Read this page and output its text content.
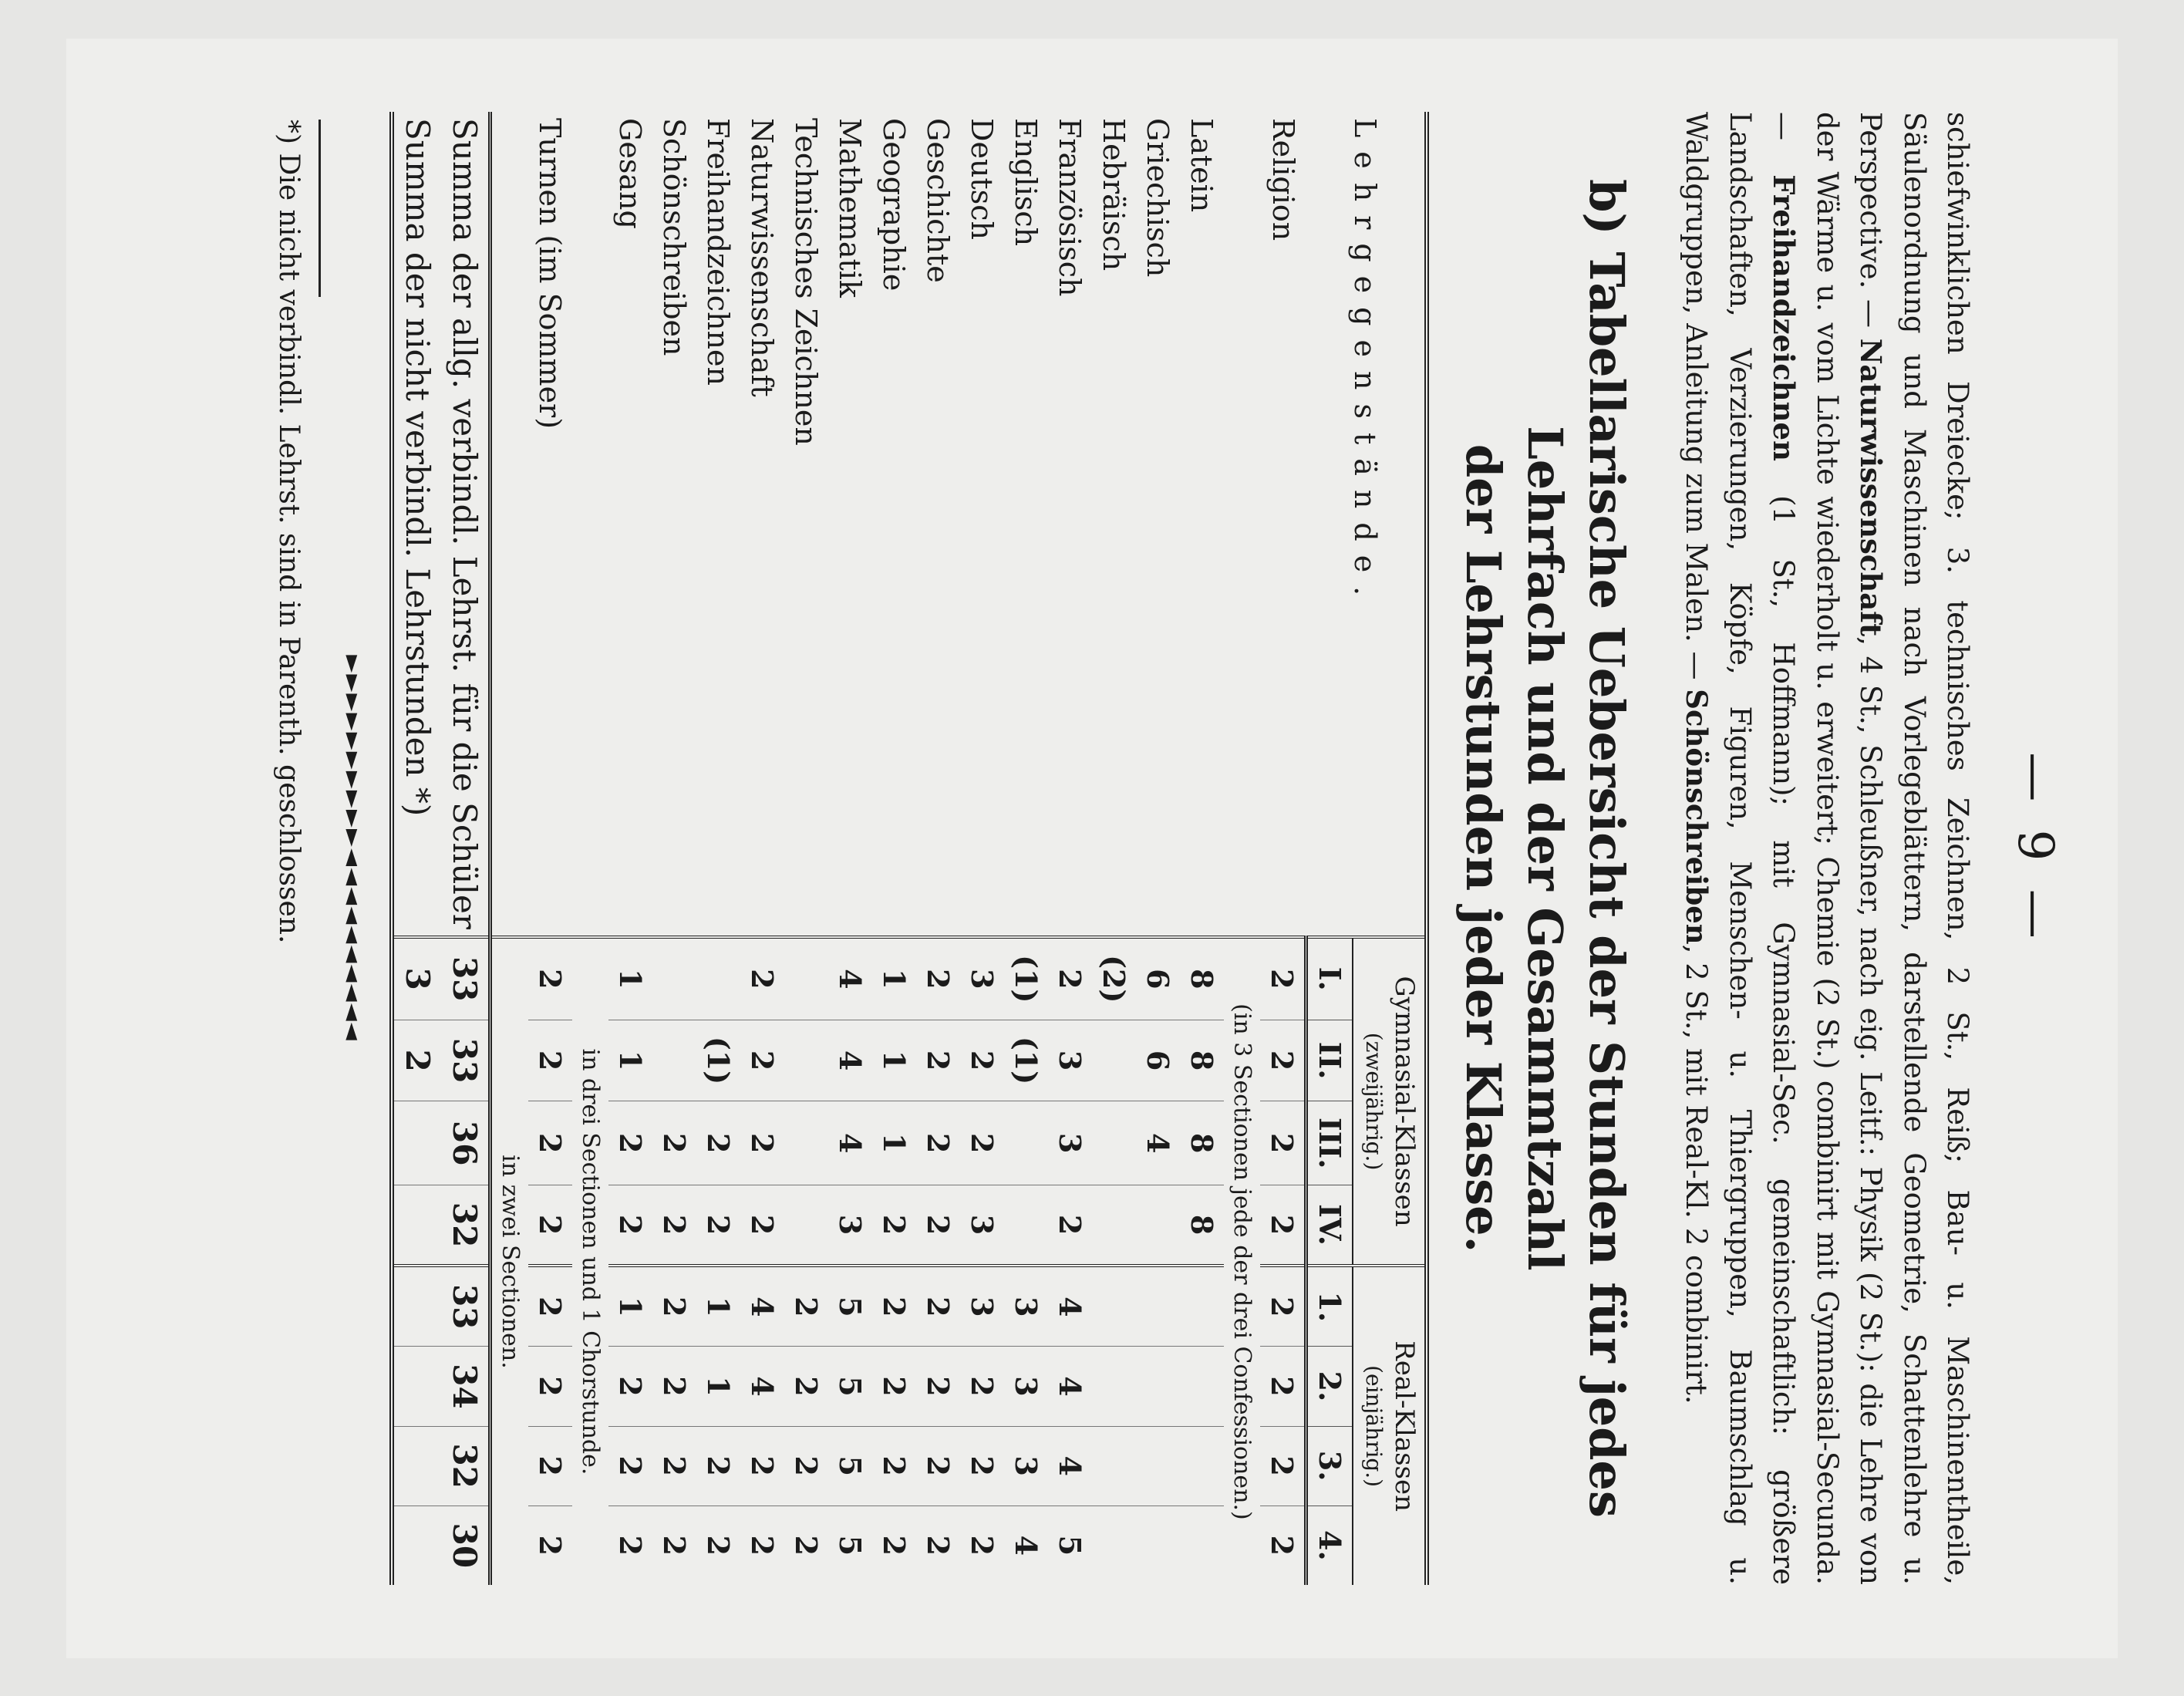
— 9 —

schiefwinklichen Dreiecke; 3. technisches Zeichnen, 2 St., Reiß; Bau- u. Maschinentheile, Säulenordnung und Maschinen nach Vorlegeblättern, darstellende Geometrie, Schattenlehre u. Perspective. — Naturwissenschaft, 4 St., Schleußner, nach eig. Leitf.: Physik (2 St.): die Lehre von der Wärme u. vom Lichte wiederholt u. erweitert; Chemie (2 St.) combinirt mit Gymnasial-Secunda. — Freihandzeichnen (1 St., Hoffmann); mit Gymnasial-Sec. gemeinschaftlich: größere Landschaften, Verzierungen, Köpfe, Figuren, Menschen- u. Thiergruppen, Baumschlag u. Waldgruppen, Anleitung zum Malen. — Schönschreiben, 2 St., mit Real-Kl. 2 combinirt.

b) Tabellarische Uebersicht der Stunden für jedes Lehrfach und der Gesammtzahl
der Lehrstunden jeder Klasse.
Lehrgegenstände.	Gymnasial-Klassen
(zweijährig.)				Real-Klassen
(einjährig.)			

	I.	II.	III.	IV.	1.	2.	3.	4.
Religion	2	2	2	2	2	2	2	2
	(in 3 Sectionen jede der drei Confessionen.)							
Latein	8	8	8	8				
Griechisch	6	6	4					
Hebräisch	(2)							
Französisch	2	3	3	2	4	4	4	5
Englisch	(1)	(1)			3	3	3	4
Deutsch	3	2	2	3	3	2	2	2
Geschichte	2	2	2	2	2	2	2	2
Geographie	1	1	1	2	2	2	2	2
Mathematik	4	4	4	3	5	5	5	5
Technisches Zeichnen					2	2	2	2
Naturwissenschaft	2	2	2	2	4	4	2	2
Freihandzeichnen		(1)	2	2	1	1	2	2
Schönschreiben			2	2	2	2	2	2
Gesang	1	1	2	2	1	2	2	2
	in drei Sectionen und 1 Chorstunde.							
Turnen (im Sommer)	2	2	2	2	2	2	2	2
	in zwei Sectionen.							
Summa der allg. verbindl. Lehrst. für die Schüler	33	33	36	32	33	34	32	30
Summa der nicht verbindl. Lehrstunden *)	3	2						

►►►►►►►►►►◄◄◄◄◄◄◄◄◄◄
*) Die nicht verbindl. Lehrst. sind in Parenth. geschlossen.
